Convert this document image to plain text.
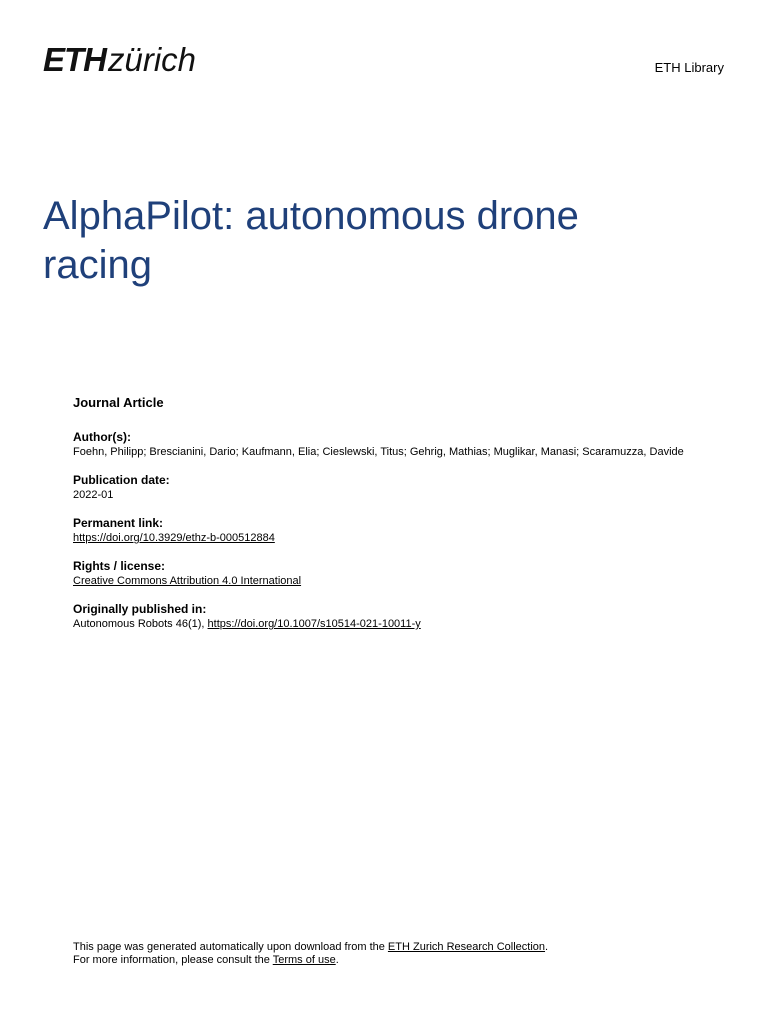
ETH zürich	ETH Library
AlphaPilot: autonomous drone racing
Journal Article
Author(s):
Foehn, Philipp; Brescianini, Dario; Kaufmann, Elia; Cieslewski, Titus; Gehrig, Mathias; Muglikar, Manasi; Scaramuzza, Davide
Publication date:
2022-01
Permanent link:
https://doi.org/10.3929/ethz-b-000512884
Rights / license:
Creative Commons Attribution 4.0 International
Originally published in:
Autonomous Robots 46(1), https://doi.org/10.1007/s10514-021-10011-y
This page was generated automatically upon download from the ETH Zurich Research Collection.
For more information, please consult the Terms of use.
